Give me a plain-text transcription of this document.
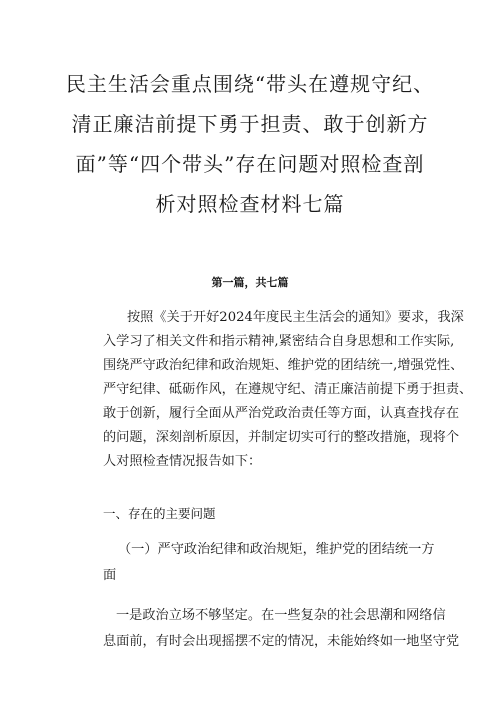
民主生活会重点围绕“带头在遵规守纪、
清正廉洁前提下勇于担责、敢于创新方
面”等“四个带头”存在问题对照检查剖
析对照检查材料七篇
第一篇，共七篇
按照《关于开好2024年度民主生活会的通知》要求，我深
入学习了相关文件和指示精神,紧密结合自身思想和工作实际,
围绕严守政治纪律和政治规矩、维护党的团结统一,增强党性、
严守纪律、砥砺作风，在遵规守纪、清正廉洁前提下勇于担责、
敢于创新，履行全面从严治党政治责任等方面，认真查找存在
的问题，深刻剖析原因，并制定切实可行的整改措施，现将个
人对照检查情况报告如下：
一、存在的主要问题
（一）严守政治纪律和政治规矩，维护党的团结统一方
面
一是政治立场不够坚定。在一些复杂的社会思潮和网络信
息面前，有时会出现摇摆不定的情况，未能始终如一地坚守党
